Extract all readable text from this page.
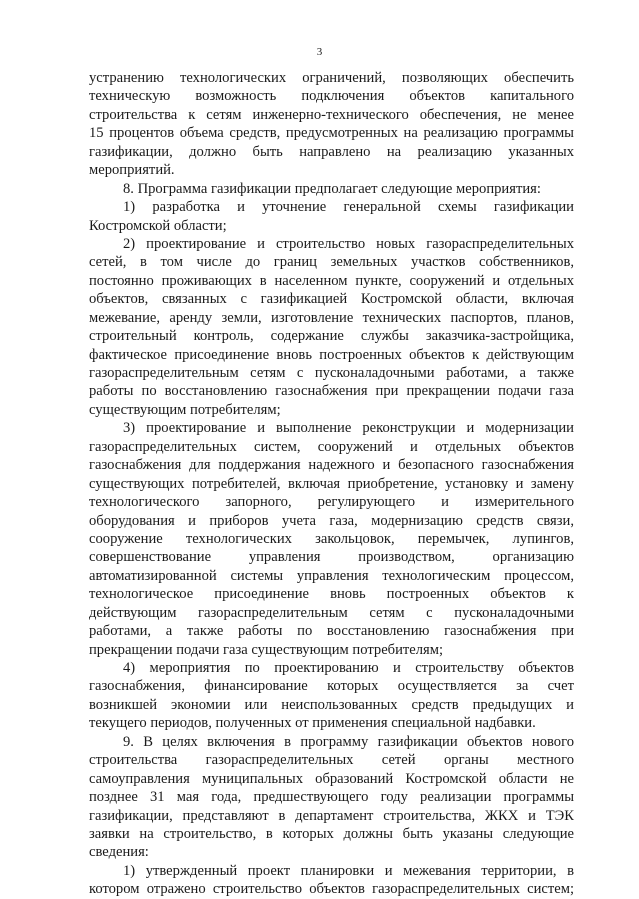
3
устранению технологических ограничений, позволяющих обеспечить
техническую возможность подключения объектов капитального
строительства к сетям инженерно-технического обеспечения, не менее
15 процентов объема средств, предусмотренных на реализацию программы
газификации, должно быть направлено на реализацию указанных
мероприятий.
8. Программа газификации предполагает следующие мероприятия:
1) разработка и уточнение генеральной схемы газификации
Костромской области;
2) проектирование и строительство новых газораспределительных
сетей, в том числе до границ земельных участков собственников,
постоянно проживающих в населенном пункте, сооружений и отдельных
объектов, связанных с газификацией Костромской области, включая
межевание, аренду земли, изготовление технических паспортов, планов,
строительный контроль, содержание службы заказчика-застройщика,
фактическое присоединение вновь построенных объектов к действующим
газораспределительным сетям с пусконаладочными работами, а также
работы по восстановлению газоснабжения при прекращении подачи газа
существующим потребителям;
3) проектирование и выполнение реконструкции и модернизации
газораспределительных систем, сооружений и отдельных объектов
газоснабжения для поддержания надежного и безопасного газоснабжения
существующих потребителей, включая приобретение, установку и замену
технологического запорного, регулирующего и измерительного
оборудования и приборов учета газа, модернизацию средств связи,
сооружение технологических закольцовок, перемычек, лупингов,
совершенствование управления производством, организацию
автоматизированной системы управления технологическим процессом,
технологическое присоединение вновь построенных объектов к
действующим газораспределительным сетям с пусконаладочными
работами, а также работы по восстановлению газоснабжения при
прекращении подачи газа существующим потребителям;
4) мероприятия по проектированию и строительству объектов
газоснабжения, финансирование которых осуществляется за счет
возникшей экономии или неиспользованных средств предыдущих и
текущего периодов, полученных от применения специальной надбавки.
9. В целях включения в программу газификации объектов нового
строительства газораспределительных сетей органы местного
самоуправления муниципальных образований Костромской области не
позднее 31 мая года, предшествующего году реализации программы
газификации, представляют в департамент строительства, ЖКХ и ТЭК
заявки на строительство, в которых должны быть указаны следующие
сведения:
1) утвержденный проект планировки и межевания территории, в
котором отражено строительство объектов газораспределительных систем;
